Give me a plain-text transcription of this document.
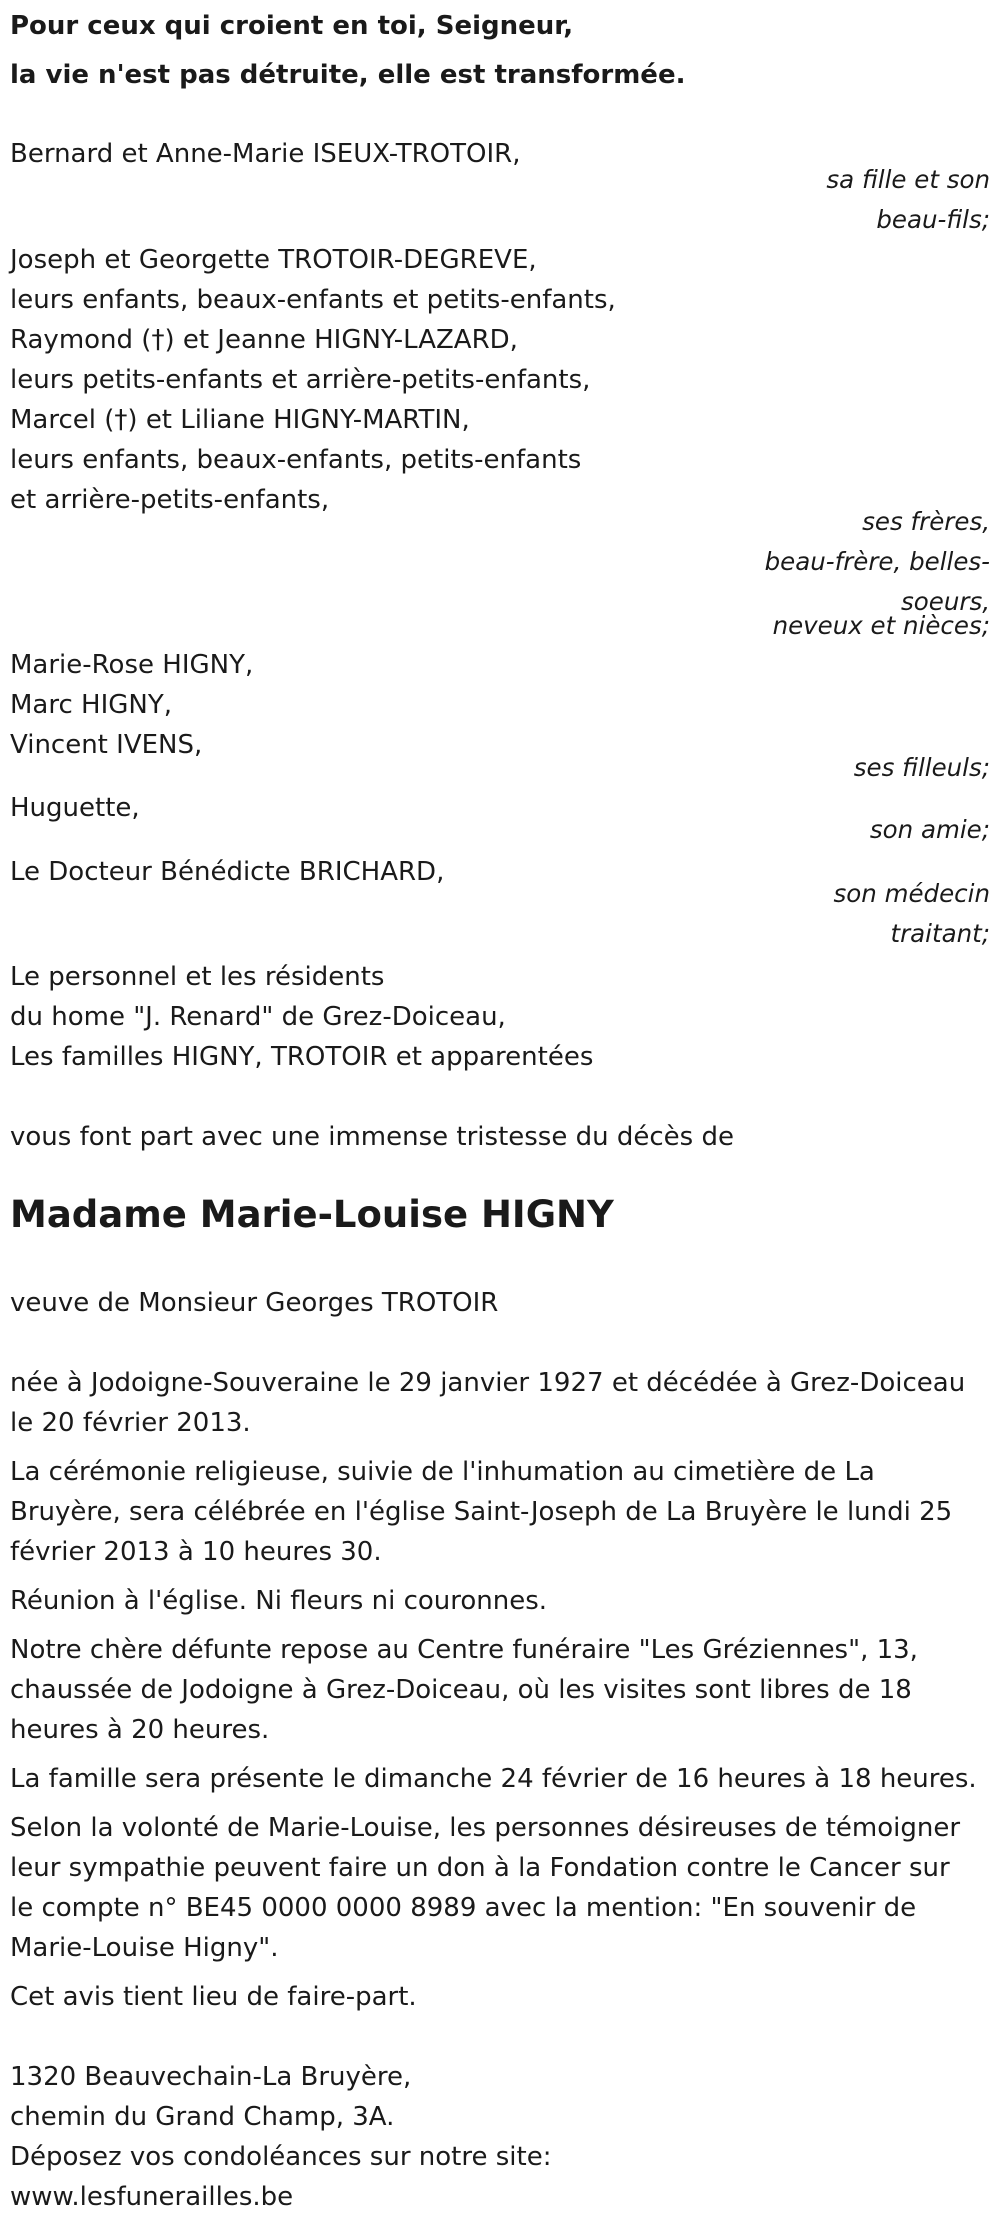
Pour ceux qui croient en toi, Seigneur,
la vie n'est pas détruite, elle est transformée.
Bernard et Anne-Marie ISEUX-TROTOIR,
sa fille et son
beau-fils;
Joseph et Georgette TROTOIR-DEGREVE,
leurs enfants, beaux-enfants et petits-enfants,
Raymond (†) et Jeanne HIGNY-LAZARD,
leurs petits-enfants et arrière-petits-enfants,
Marcel (†) et Liliane HIGNY-MARTIN,
leurs enfants, beaux-enfants, petits-enfants
et arrière-petits-enfants,
ses frères,
beau-frère, belles-
soeurs,
neveux et nièces;
Marie-Rose HIGNY,
Marc HIGNY,
Vincent IVENS,
ses filleuls;
Huguette,
son amie;
Le Docteur Bénédicte BRICHARD,
son médecin
traitant;
Le personnel et les résidents
du home "J. Renard" de Grez-Doiceau,
Les familles HIGNY, TROTOIR et apparentées
vous font part avec une immense tristesse du décès de
Madame Marie-Louise HIGNY
veuve de Monsieur Georges TROTOIR
née à Jodoigne-Souveraine le 29 janvier 1927 et décédée à Grez-Doiceau
le 20 février 2013.
La cérémonie religieuse, suivie de l'inhumation au cimetière de La
Bruyère, sera célébrée en l'église Saint-Joseph de La Bruyère le lundi 25
février 2013 à 10 heures 30.
Réunion à l'église. Ni fleurs ni couronnes.
Notre chère défunte repose au Centre funéraire "Les Gréziennes", 13,
chaussée de Jodoigne à Grez-Doiceau, où les visites sont libres de 18
heures à 20 heures.
La famille sera présente le dimanche 24 février de 16 heures à 18 heures.
Selon la volonté de Marie-Louise, les personnes désireuses de témoigner
leur sympathie peuvent faire un don à la Fondation contre le Cancer sur
le compte n° BE45 0000 0000 8989 avec la mention: "En souvenir de
Marie-Louise Higny".
Cet avis tient lieu de faire-part.
1320 Beauvechain-La Bruyère,
chemin du Grand Champ, 3A.
Déposez vos condoléances sur notre site:
www.lesfunerailles.be
